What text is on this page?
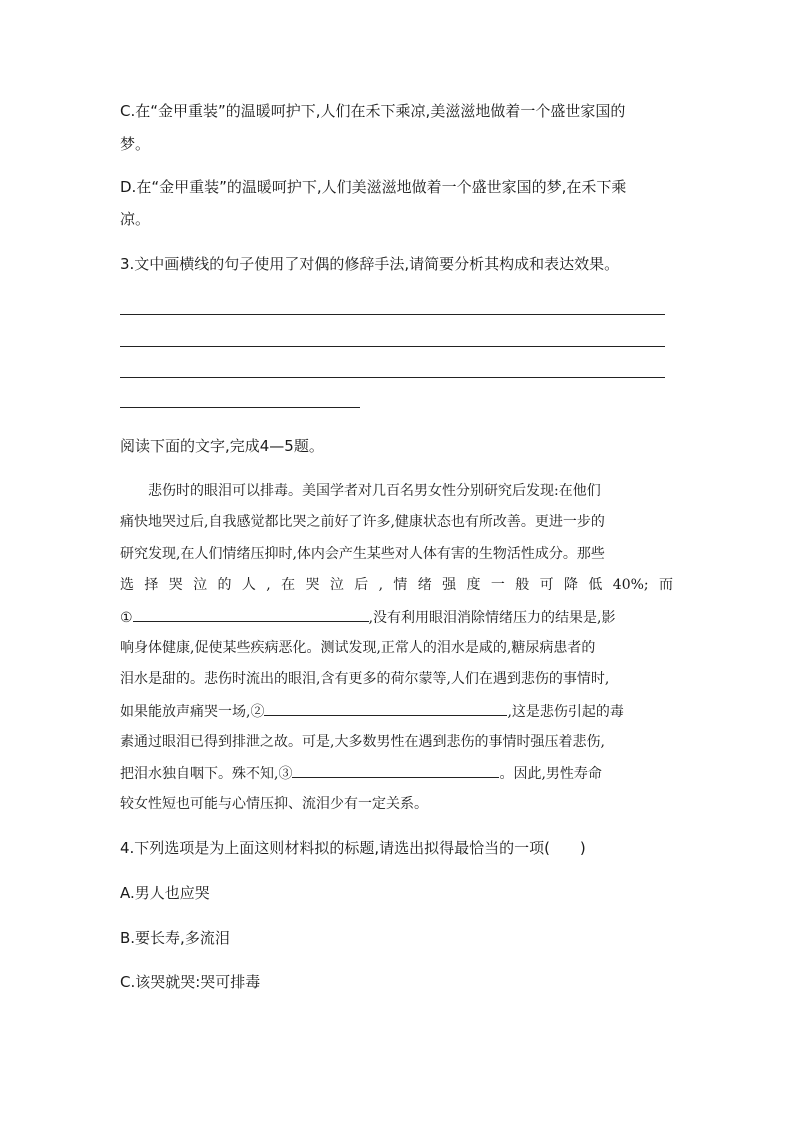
C.在“金甲重装”的温暖呵护下,人们在禾下乘凉,美滋滋地做着一个盛世家国的
梦。
D.在“金甲重装”的温暖呵护下,人们美滋滋地做着一个盛世家国的梦,在禾下乘
凉。
3.文中画横线的句子使用了对偶的修辞手法,请简要分析其构成和表达效果。
阅读下面的文字,完成4—5题。
悲伤时的眼泪可以排毒。美国学者对几百名男女性分别研究后发现:在他们
痛快地哭过后,自我感觉都比哭之前好了许多,健康状态也有所改善。更进一步的
研究发现,在人们情绪压抑时,体内会产生某些对人体有害的生物活性成分。那些
选择哭泣的人,在哭泣后,情绪强度一般可降低40%;而
①	,没有利用眼泪消除情绪压力的结果是,影
响身体健康,促使某些疾病恶化。测试发现,正常人的泪水是咸的,糖尿病患者的
泪水是甜的。悲伤时流出的眼泪,含有更多的荷尔蒙等,人们在遇到悲伤的事情时,
如果能放声痛哭一场,②	,这是悲伤引起的毒
素通过眼泪已得到排泄之故。可是,大多数男性在遇到悲伤的事情时强压着悲伤,
把泪水独自咽下。殊不知,③	。因此,男性寿命
较女性短也可能与心情压抑、流泪少有一定关系。
4.下列选项是为上面这则材料拟的标题,请选出拟得最恰当的一项(　　)
A.男人也应哭
B.要长寿,多流泪
C.该哭就哭:哭可排毒
